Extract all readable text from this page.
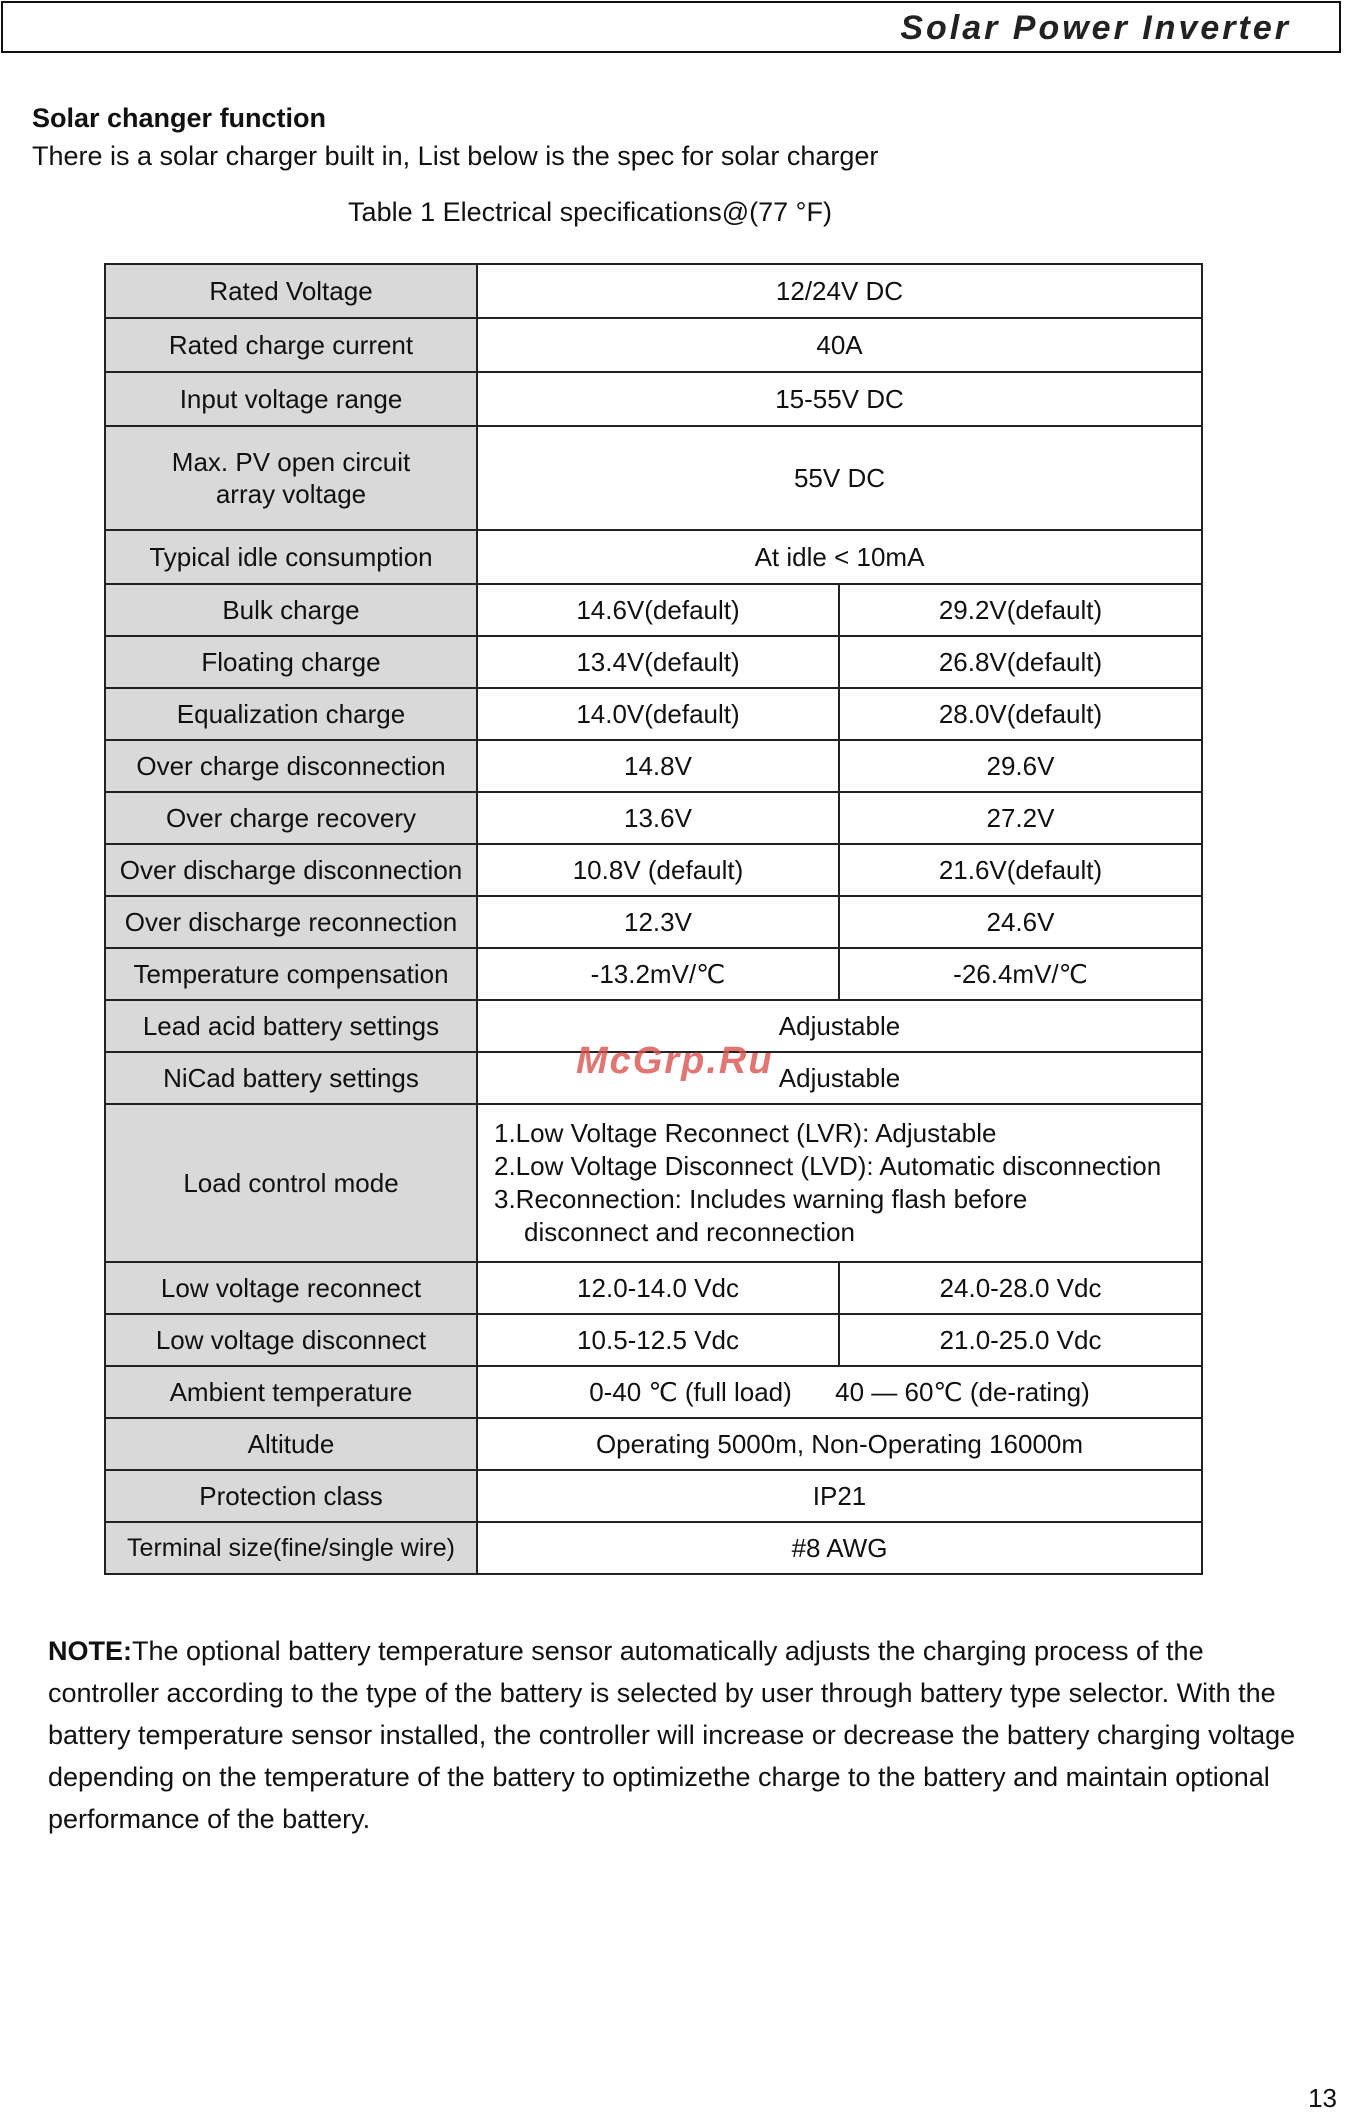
Solar Power Inverter
Solar changer function
There is a solar charger built in, List below is the spec for solar charger
Table 1 Electrical specifications@(77 °F)
Rated Voltage	12/24V DC	
Rated charge current	40A	
Input voltage range	15-55V DC	
Max. PV open circuit array voltage	55V DC	
Typical idle consumption	At idle < 10mA	
Bulk charge	14.6V(default)	29.2V(default)
Floating charge	13.4V(default)	26.8V(default)
Equalization charge	14.0V(default)	28.0V(default)
Over charge disconnection	14.8V	29.6V
Over charge recovery	13.6V	27.2V
Over discharge disconnection	10.8V (default)	21.6V(default)
Over discharge reconnection	12.3V	24.6V
Temperature compensation	-13.2mV/℃	-26.4mV/℃
Lead acid battery settings	Adjustable	
NiCad battery settings	Adjustable	
Load control mode	1.Low Voltage Reconnect (LVR): Adjustable
2.Low Voltage Disconnect (LVD): Automatic disconnection
3.Reconnection: Includes warning flash before
disconnect and reconnection	

Low voltage reconnect	12.0-14.0 Vdc	24.0-28.0 Vdc
Low voltage disconnect	10.5-12.5 Vdc	21.0-25.0 Vdc
Ambient temperature	0-40 ℃ (full load)      40 — 60℃ (de-rating)	
Altitude	Operating 5000m, Non-Operating 16000m	
Protection class	IP21	
Terminal size(fine/single wire)	#8 AWG	
McGrp.Ru
NOTE:The optional battery temperature sensor automatically adjusts the charging process of the controller according to the type of the battery is selected by user through battery type selector. With the battery temperature sensor installed, the controller will increase or decrease the battery charging voltage depending on the temperature of the battery to optimizethe charge to the battery and maintain optional performance of the battery.
13
